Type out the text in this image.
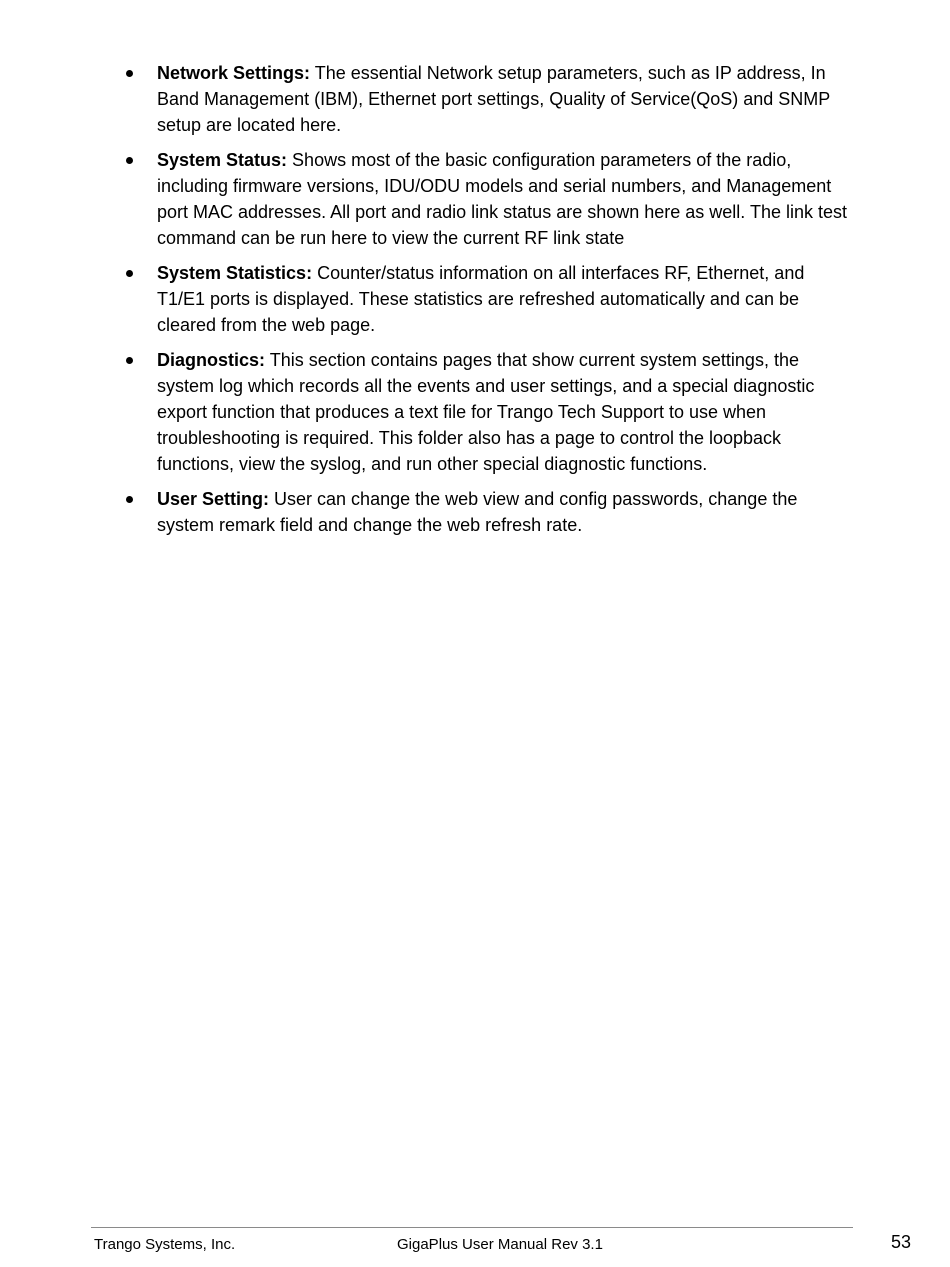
Network Settings: The essential Network setup parameters, such as IP address, In Band Management (IBM), Ethernet port settings, Quality of Service(QoS) and SNMP setup are located here.
System Status: Shows most of the basic configuration parameters of the radio, including firmware versions, IDU/ODU models and serial numbers, and Management port MAC addresses. All port and radio link status are shown here as well. The link test command can be run here to view the current RF link state
System Statistics: Counter/status information on all interfaces RF, Ethernet, and T1/E1 ports is displayed. These statistics are refreshed automatically and can be cleared from the web page.
Diagnostics: This section contains pages that show current system settings, the system log which records all the events and user settings, and a special diagnostic export function that produces a text file for Trango Tech Support to use when troubleshooting is required. This folder also has a page to control the loopback functions, view the syslog, and run other special diagnostic functions.
User Setting: User can change the web view and config passwords, change the system remark field and change the web refresh rate.
Trango Systems, Inc.	GigaPlus User Manual Rev 3.1	53
